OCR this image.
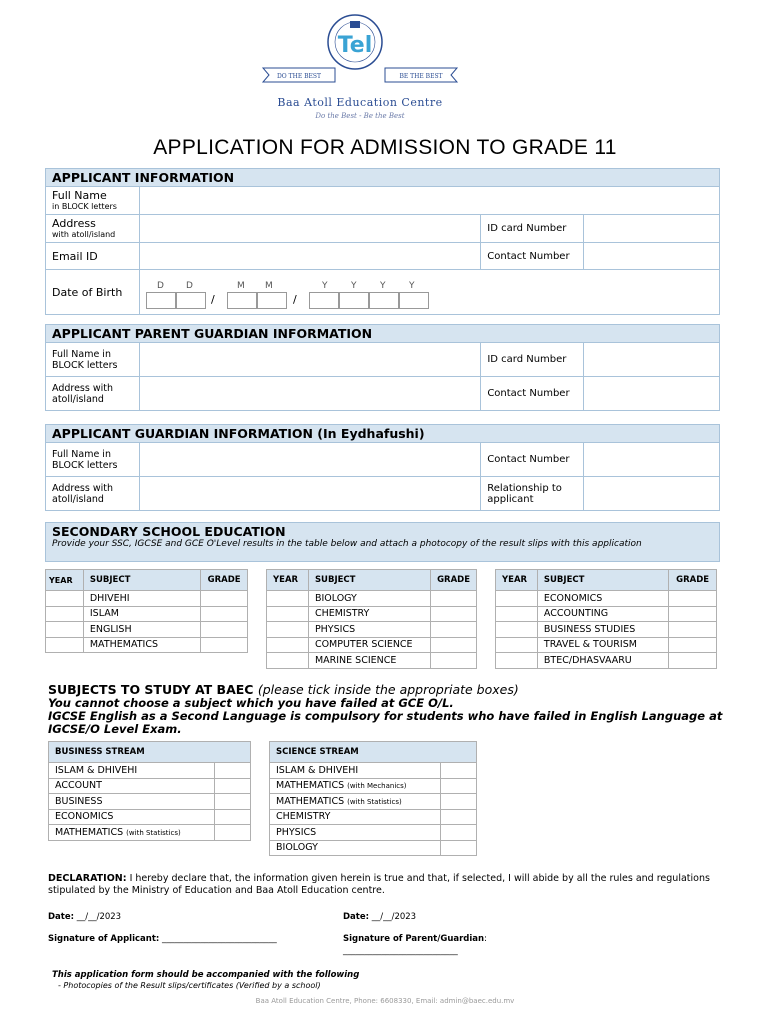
Tel
DO THE BEST	BE THE BEST
Baa Atoll Education Centre
Do the Best - Be the Best
APPLICATION FOR ADMISSION TO GRADE 11
APPLICANT INFORMATION			
Full Name
in BLOCK letters			

Address
with atoll/island		ID card Number	
Email ID		Contact Number	
Date of Birth				D D	M M	Y	Y	Y	Y
/	/
APPLICANT PARENT GUARDIAN INFORMATION			
Full Name in BLOCK letters		ID card Number	
Address with atoll/island		Contact Number	
APPLICANT GUARDIAN INFORMATION (In Eydhafushi)			
Full Name in BLOCK letters		Contact Number	
Address with atoll/island		Relationship to applicant	
SECONDARY SCHOOL EDUCATION
Provide your SSC, IGCSE and GCE O'Level results in the table below and attach a photocopy of the result slips with this application
YEAR	SUBJECT	GRADE
	DHIVEHI	
	ISLAM	
	ENGLISH	
	MATHEMATICS	
YEAR	SUBJECT	GRADE
	BIOLOGY	
	CHEMISTRY	
	PHYSICS	
	COMPUTER SCIENCE	
	MARINE SCIENCE	
YEAR	SUBJECT	GRADE
	ECONOMICS	
	ACCOUNTING	
	BUSINESS STUDIES	
	TRAVEL & TOURISM	
	BTEC/DHASVAARU	
SUBJECTS TO STUDY AT BAEC (please tick inside the appropriate boxes)
You cannot choose a subject which you have failed at GCE O/L.
IGCSE English as a Second Language is compulsory for students who have failed in English Language at IGCSE/O Level Exam.
BUSINESS STREAM	
ISLAM & DHIVEHI	
ACCOUNT	
BUSINESS	
ECONOMICS	
MATHEMATICS (with Statistics)	
SCIENCE STREAM	
ISLAM & DHIVEHI	
MATHEMATICS (with Mechanics)	
MATHEMATICS (with Statistics)	
CHEMISTRY	
PHYSICS	
BIOLOGY	
DECLARATION: I hereby declare that, the information given herein is true and that, if selected, I will abide by all the rules and regulations stipulated by the Ministry of Education and Baa Atoll Education centre.
Date: __/__/2023	Date: __/__/2023
Signature of Applicant: ___________________________	Signature of Parent/Guardian:
___________________________
This application form should be accompanied with the following
- Photocopies of the Result slips/certificates (Verified by a school)
Baa Atoll Education Centre, Phone: 6608330, Email: admin@baec.edu.mv
